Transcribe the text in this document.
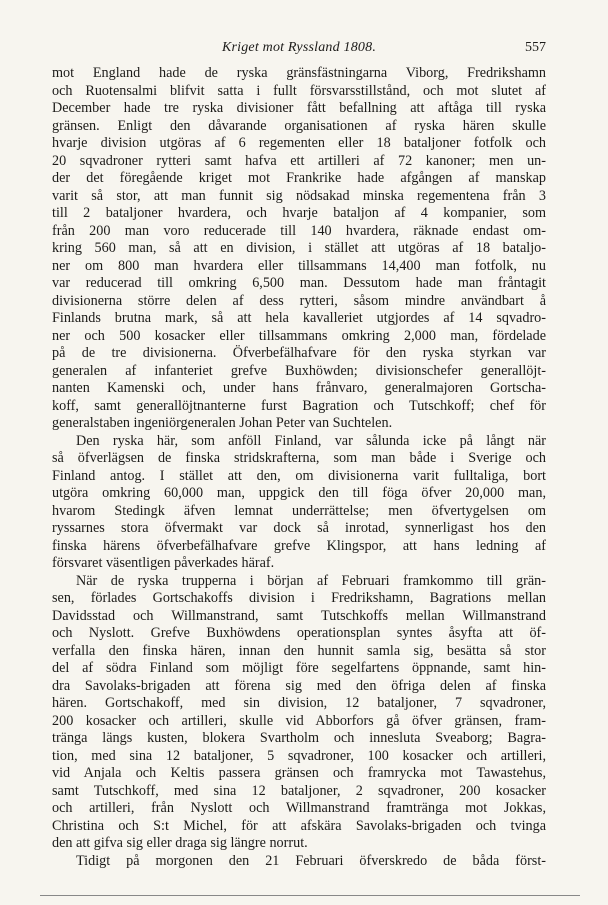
Kriget mot Ryssland 1808.	557
mot England hade de ryska gränsfästningarna Viborg, Fredrikshamn
och Ruotensalmi blifvit satta i fullt försvarsstillstånd, och mot slutet af
December hade tre ryska divisioner fått befallning att aftåga till ryska
gränsen. Enligt den dåvarande organisationen af ryska hären skulle
hvarje division utgöras af 6 regementen eller 18 bataljoner fotfolk och
20 sqvadroner rytteri samt hafva ett artilleri af 72 kanoner; men un-
der det föregående kriget mot Frankrike hade afgången af manskap
varit så stor, att man funnit sig nödsakad minska regementena från 3
till 2 bataljoner hvardera, och hvarje bataljon af 4 kompanier, som
från 200 man voro reducerade till 140 hvardera, räknade endast om-
kring 560 man, så att en division, i stället att utgöras af 18 bataljo-
ner om 800 man hvardera eller tillsammans 14,400 man fotfolk, nu
var reducerad till omkring 6,500 man. Dessutom hade man fråntagit
divisionerna större delen af dess rytteri, såsom mindre användbart å
Finlands brutna mark, så att hela kavalleriet utgjordes af 14 sqvadro-
ner och 500 kosacker eller tillsammans omkring 2,000 man, fördelade
på de tre divisionerna. Öfverbefälhafvare för den ryska styrkan var
generalen af infanteriet grefve Buxhöwden; divisionschefer generallöjt-
nanten Kamenski och, under hans frånvaro, generalmajoren Gortscha-
koff, samt generallöjtnanterne furst Bagration och Tutschkoff; chef för
generalstaben ingeniörgeneralen Johan Peter van Suchtelen.
Den ryska här, som anföll Finland, var sålunda icke på långt när
så öfverlägsen de finska stridskrafterna, som man både i Sverige och
Finland antog. I stället att den, om divisionerna varit fulltaliga, bort
utgöra omkring 60,000 man, uppgick den till föga öfver 20,000 man,
hvarom Stedingk äfven lemnat underrättelse; men öfvertygelsen om
ryssarnes stora öfvermakt var dock så inrotad, synnerligast hos den
finska härens öfverbefälhafvare grefve Klingspor, att hans ledning af
försvaret väsentligen påverkades häraf.
När de ryska trupperna i början af Februari framkommo till grän-
sen, förlades Gortschakoffs division i Fredrikshamn, Bagrations mellan
Davidsstad och Willmanstrand, samt Tutschkoffs mellan Willmanstrand
och Nyslott. Grefve Buxhöwdens operationsplan syntes åsyfta att öf-
verfalla den finska hären, innan den hunnit samla sig, besätta så stor
del af södra Finland som möjligt före segelfartens öppnande, samt hin-
dra Savolaks-brigaden att förena sig med den öfriga delen af finska
hären. Gortschakoff, med sin division, 12 bataljoner, 7 sqvadroner,
200 kosacker och artilleri, skulle vid Abborfors gå öfver gränsen, fram-
tränga längs kusten, blokera Svartholm och innesluta Sveaborg; Bagra-
tion, med sina 12 bataljoner, 5 sqvadroner, 100 kosacker och artilleri,
vid Anjala och Keltis passera gränsen och framrycka mot Tawastehus,
samt Tutschkoff, med sina 12 bataljoner, 2 sqvadroner, 200 kosacker
och artilleri, från Nyslott och Willmanstrand framtränga mot Jokkas,
Christina och S:t Michel, för att afskära Savolaks-brigaden och tvinga
den att gifva sig eller draga sig längre norrut.
Tidigt på morgonen den 21 Februari öfverskredo de båda först-
